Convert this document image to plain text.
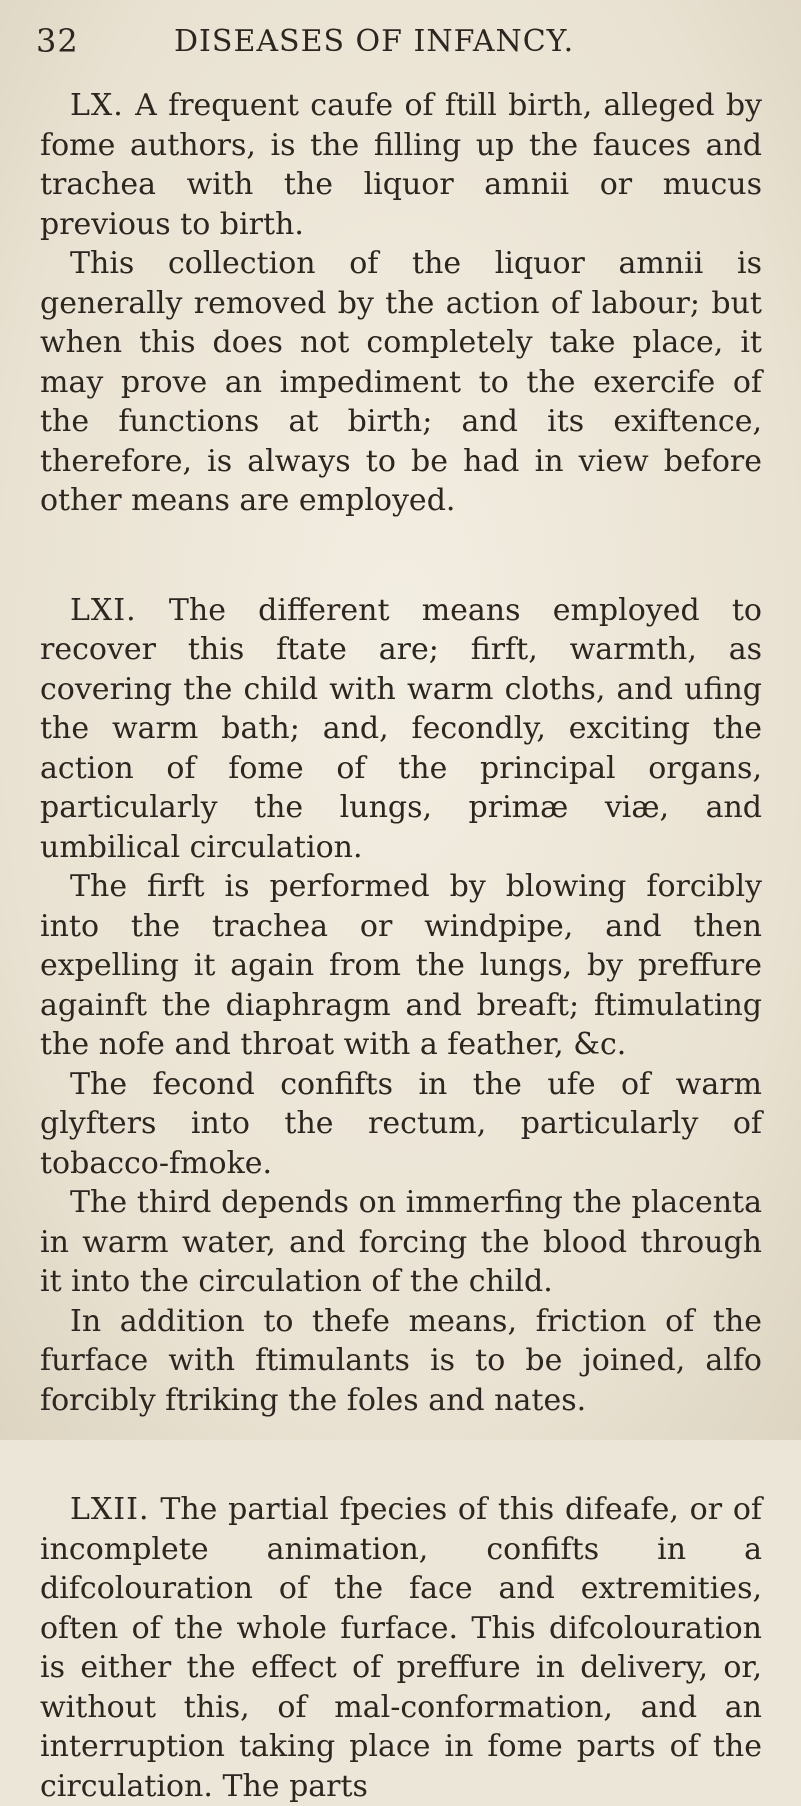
32	DISEASES OF INFANCY.

LX. A frequent caufe of ftill birth, alleged by fome authors, is the filling up the fauces and trachea with the liquor amnii or mucus previous to birth.

This collection of the liquor amnii is generally removed by the action of labour; but when this does not completely take place, it may prove an impediment to the exercife of the functions at birth; and its exiftence, therefore, is always to be had in view before other means are employed.

LXI. The different means employed to recover this ftate are; firft, warmth, as covering the child with warm cloths, and ufing the warm bath; and, fecondly, exciting the action of fome of the principal organs, particularly the lungs, primæ viæ, and umbilical circulation.

The firft is performed by blowing forcibly into the trachea or windpipe, and then expelling it again from the lungs, by preffure againft the diaphragm and breaft; ftimulating the nofe and throat with a feather, &c.

The fecond confifts in the ufe of warm glyfters into the rectum, particularly of tobacco-fmoke.

The third depends on immerfing the placenta in warm water, and forcing the blood through it into the circulation of the child.

In addition to thefe means, friction of the furface with ftimulants is to be joined, alfo forcibly ftriking the foles and nates.

LXII. The partial fpecies of this difeafe, or of incomplete animation, confifts in a difcolouration of the face and extremities, often of the whole furface. This difcolouration is either the effect of preffure in delivery, or, without this, of mal-conformation, and an interruption taking place in fome parts of the circulation. The parts
